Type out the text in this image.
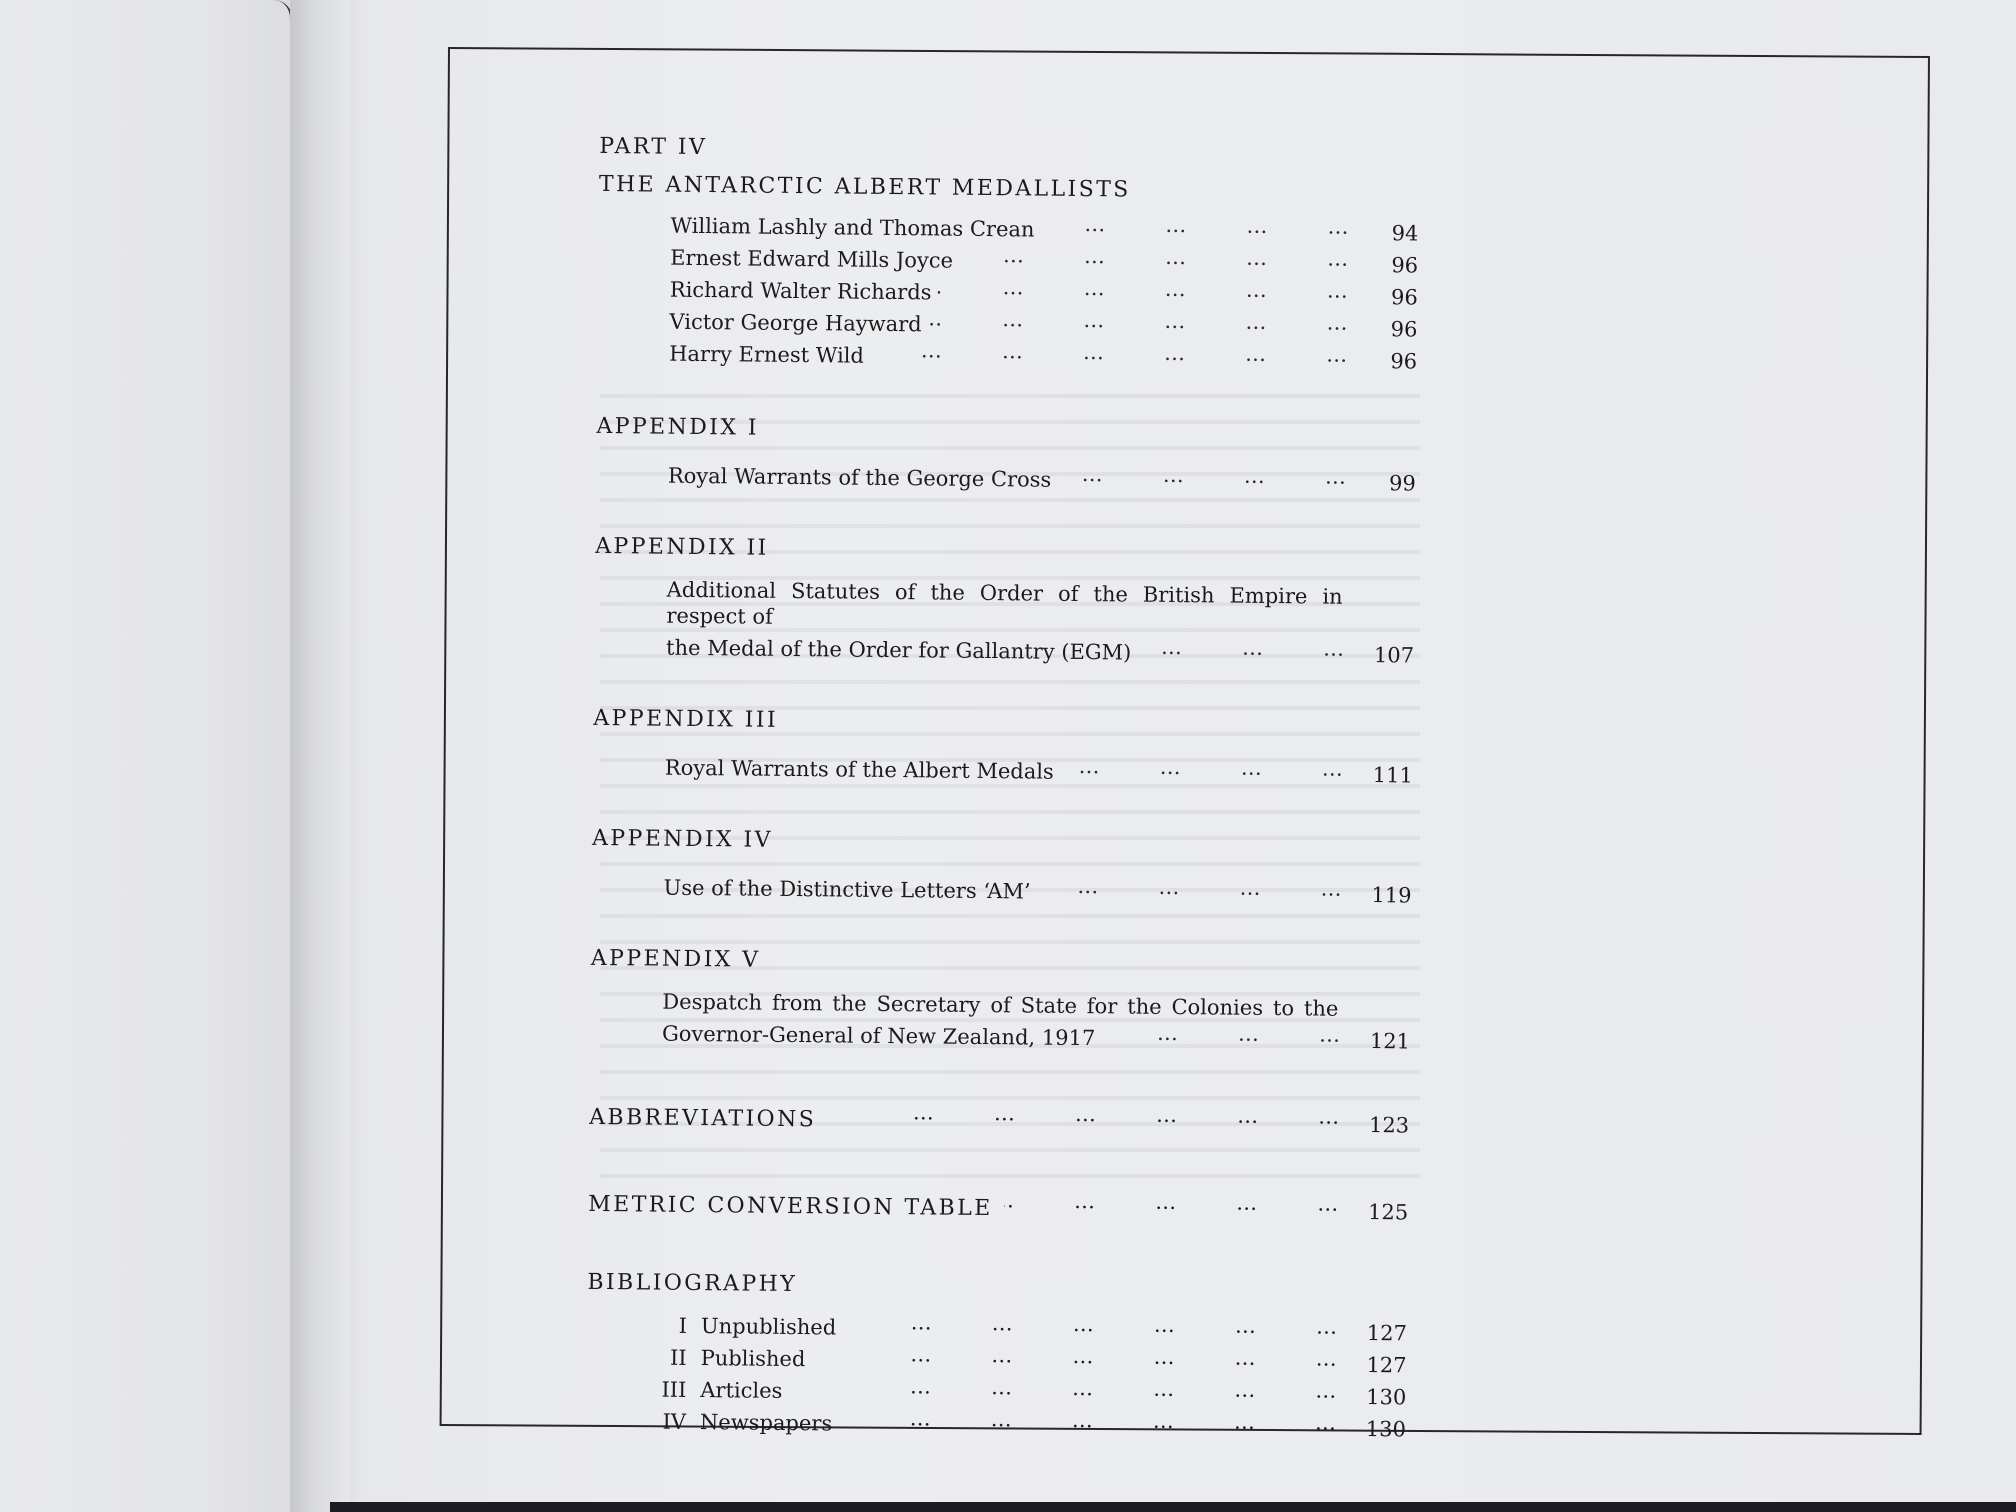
PART IV

THE ANTARCTIC ALBERT MEDALLISTS

William Lashly and Thomas Crean …         …         …         …         …         …         …	94
Ernest Edward Mills Joyce …         …         …         …         …         …         …	96
Richard Walter Richards …         …         …         …         …         …         …	96
Victor George Hayward …         …         …         …         …         …         …	96
Harry Ernest Wild …         …         …         …         …         …         …	96

APPENDIX I

Royal Warrants of the George Cross …         …         …         …         …         …         …	99

APPENDIX II

Additional Statutes of the Order of the British Empire in respect of
the Medal of the Order for Gallantry (EGM) …         …         …         …         …         …         …	107

APPENDIX III

Royal Warrants of the Albert Medals …         …         …         …         …         …         …	111

APPENDIX IV

Use of the Distinctive Letters ‘AM’ …         …         …         …         …         …         …	119

APPENDIX V

Despatch from the Secretary of State for the Colonies to the
Governor-General of New Zealand, 1917 …         …         …         …         …         …         …	121
ABBREVIATIONS …         …         …         …         …         …	123
METRIC CONVERSION TABLE …         …         …         …         …         …	125

BIBLIOGRAPHY

I Unpublished …         …         …         …         …         …	127
II Published …         …         …         …         …         …	127
III Articles …         …         …         …         …         …	130
IV Newspapers …         …         …         …         …         …	130
